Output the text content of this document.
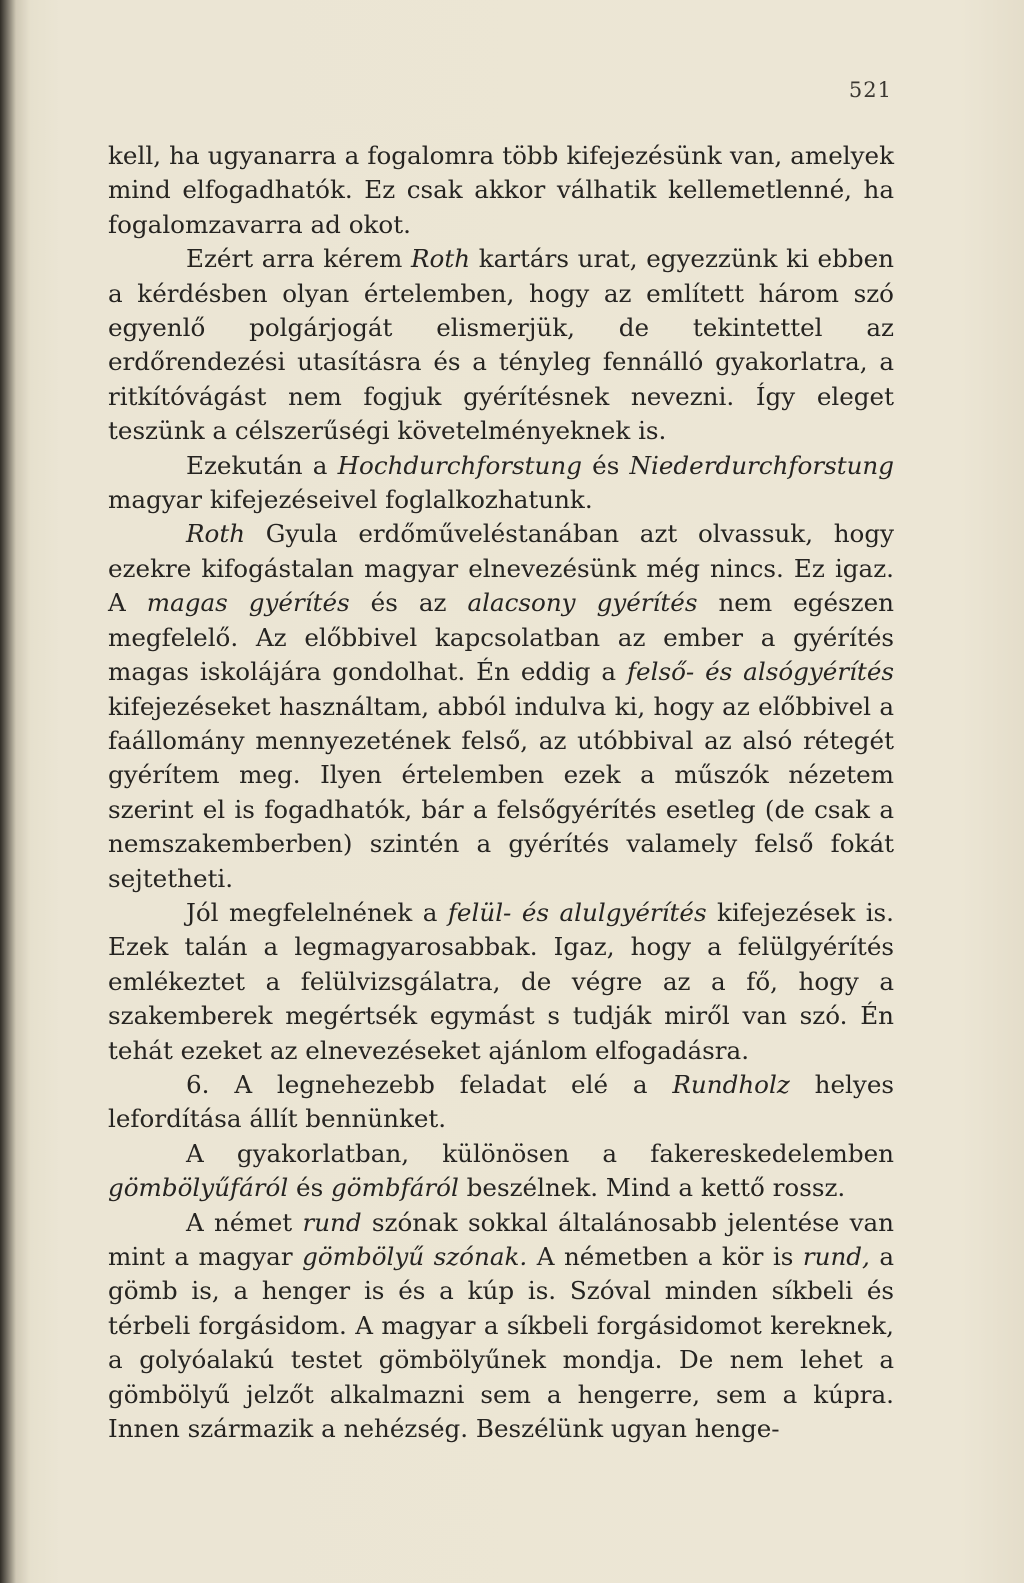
521

kell, ha ugyanarra a fogalomra több kifejezésünk van, amelyek mind elfogadhatók. Ez csak akkor válhatik kellemetlenné, ha fogalomzavarra ad okot.

Ezért arra kérem Roth kartárs urat, egyezzünk ki ebben a kérdésben olyan értelemben, hogy az említett három szó egyenlő polgárjogát elismerjük, de tekintettel az erdőrendezési utasításra és a tényleg fennálló gyakorlatra, a ritkítóvágást nem fogjuk gyérítésnek nevezni. Így eleget teszünk a célszerűségi követelményeknek is.

Ezekután a Hochdurchforstung és Niederdurchforstung magyar kifejezéseivel foglalkozhatunk.

Roth Gyula erdőműveléstanában azt olvassuk, hogy ezekre kifogástalan magyar elnevezésünk még nincs. Ez igaz. A magas gyérítés és az alacsony gyérítés nem egészen megfelelő. Az előbbivel kapcsolatban az ember a gyérítés magas iskolájára gondolhat. Én eddig a felső- és alsógyérítés kifejezéseket használtam, abból indulva ki, hogy az előbbivel a faállomány mennyezetének felső, az utóbbival az alsó rétegét gyérítem meg. Ilyen értelemben ezek a műszók nézetem szerint el is fogadhatók, bár a felsőgyérítés esetleg (de csak a nemszakemberben) szintén a gyérítés valamely felső fokát sejtetheti.

Jól megfelelnének a felül- és alulgyérítés kifejezések is. Ezek talán a legmagyarosabbak. Igaz, hogy a felülgyérítés emlékeztet a felülvizsgálatra, de végre az a fő, hogy a szakemberek megértsék egymást s tudják miről van szó. Én tehát ezeket az elnevezéseket ajánlom elfogadásra.

6. A legnehezebb feladat elé a Rundholz helyes lefordítása állít bennünket.

A gyakorlatban, különösen a fakereskedelemben gömbölyűfáról és gömbfáról beszélnek. Mind a kettő rossz.

A német rund szónak sokkal általánosabb jelentése van mint a magyar gömbölyű szónak. A németben a kör is rund, a gömb is, a henger is és a kúp is. Szóval minden síkbeli és térbeli forgásidom. A magyar a síkbeli forgásidomot kereknek, a golyóalakú testet gömbölyűnek mondja. De nem lehet a gömbölyű jelzőt alkalmazni sem a hengerre, sem a kúpra. Innen származik a nehézség. Beszélünk ugyan henge-
